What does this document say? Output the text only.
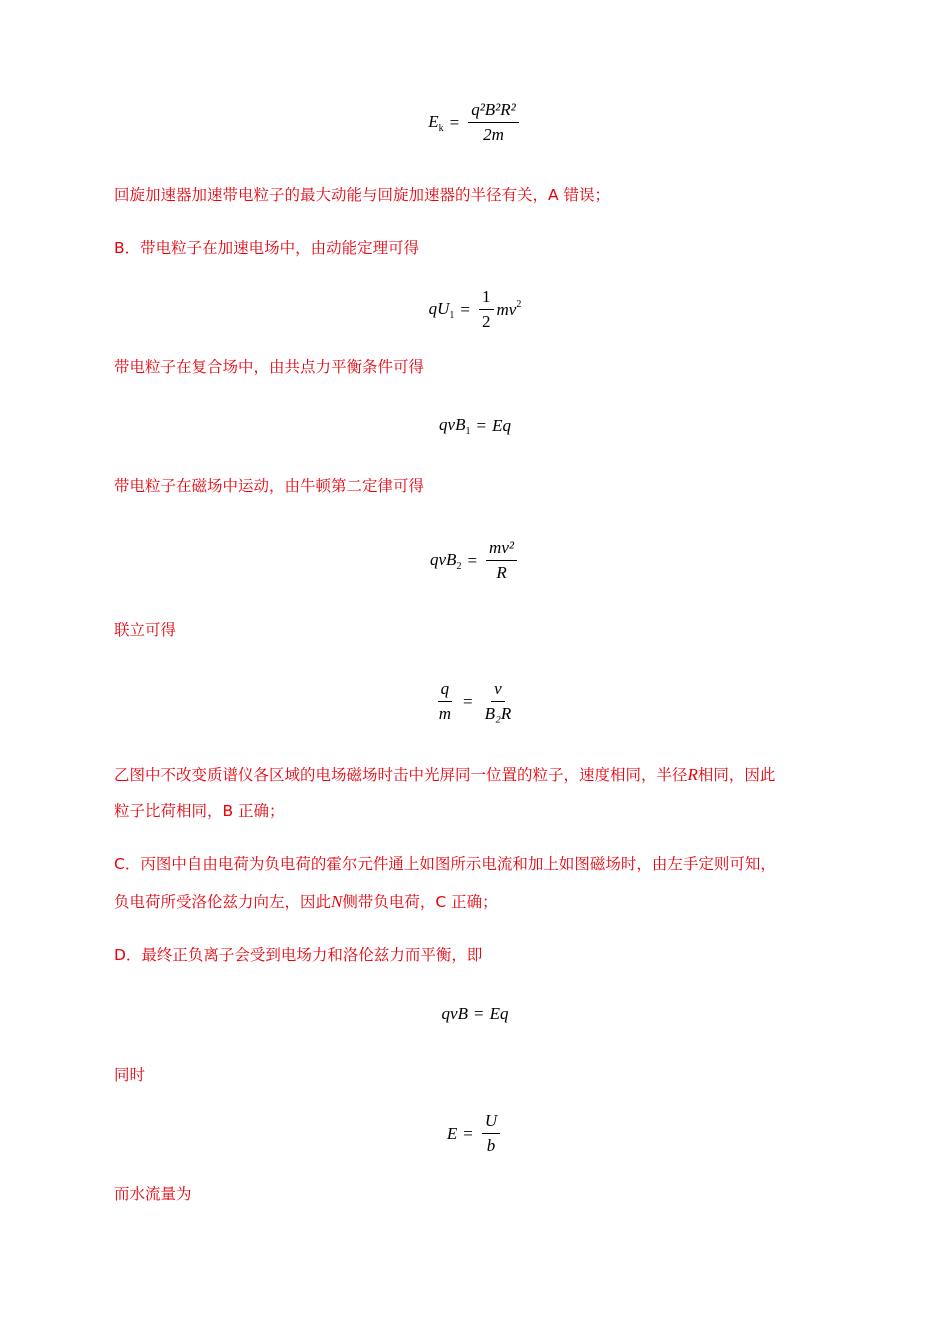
$E_k = \frac{\text{q²B²R²}}{2m}$
回旋加速器加速带电粒子的最大动能与回旋加速器的半径有关，A 错误；
B．带电粒子在加速电场中，由动能定理可得
$qU_1 = \frac{1}{2} mv^2$
带电粒子在复合场中，由共点力平衡条件可得
qvB$_1$ = Eq
带电粒子在磁场中运动，由牛顿第二定律可得
$qvB_2 = \frac{\text{mv²}}{R}$
联立可得
$\frac{q}{m} = \frac{v}{\text{B₂R}}$
乙图中不改变质谱仪各区域的电场磁场时击中光屏同一位置的粒子，速度相同，半径R相同，因此
粒子比荷相同，B 正确；
C．丙图中自由电荷为负电荷的霍尔元件通上如图所示电流和加上如图磁场时，由左手定则可知，
负电荷所受洛伦兹力向左，因此N侧带负电荷，C 正确；
D．最终正负离子会受到电场力和洛伦兹力而平衡，即
qvB = Eq
同时
$E = \frac{U}{b}$
而水流量为
